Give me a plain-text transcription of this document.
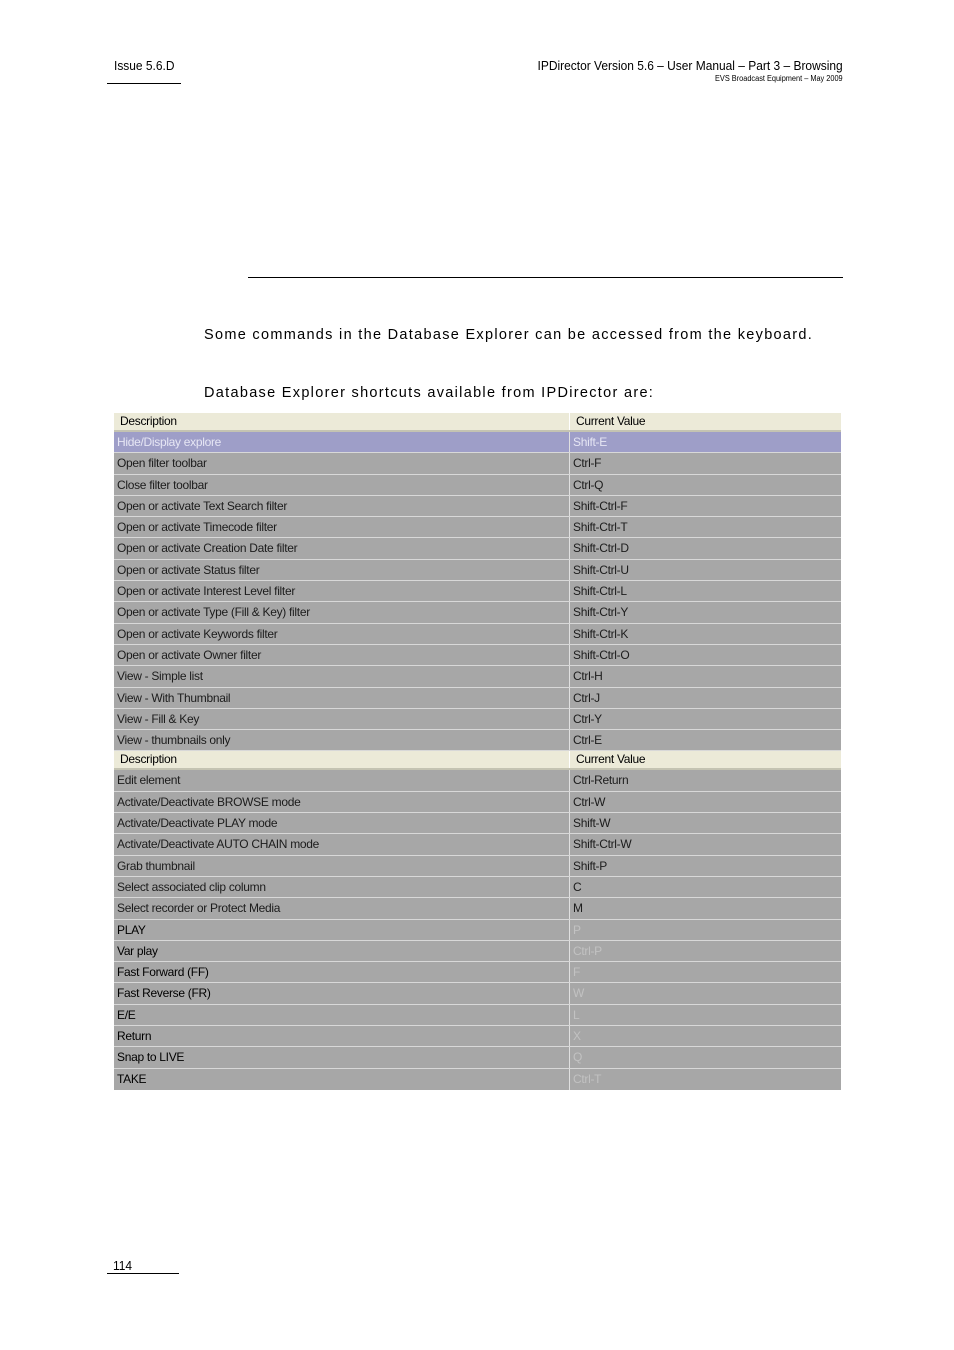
Issue 5.6.D	IPDirector Version 5.6 – User Manual – Part 3 – Browsing
EVS Broadcast Equipment – May 2009
Some commands in the Database Explorer can be accessed from the keyboard.
Database Explorer shortcuts available from IPDirector are:
Description	Current Value
Hide/Display explore	Shift-E
Open filter toolbar	Ctrl-F
Close filter toolbar	Ctrl-Q
Open or activate Text Search filter	Shift-Ctrl-F
Open or activate Timecode filter	Shift-Ctrl-T
Open or activate Creation Date filter	Shift-Ctrl-D
Open or activate Status filter	Shift-Ctrl-U
Open or activate Interest Level filter	Shift-Ctrl-L
Open or activate Type (Fill & Key) filter	Shift-Ctrl-Y
Open or activate Keywords filter	Shift-Ctrl-K
Open or activate Owner filter	Shift-Ctrl-O
View - Simple list	Ctrl-H
View - With Thumbnail	Ctrl-J
View - Fill & Key	Ctrl-Y
View - thumbnails only	Ctrl-E
Description	Current Value
Edit element	Ctrl-Return
Activate/Deactivate BROWSE mode	Ctrl-W
Activate/Deactivate PLAY mode	Shift-W
Activate/Deactivate AUTO CHAIN mode	Shift-Ctrl-W
Grab thumbnail	Shift-P
Select associated clip column	C
Select recorder or Protect Media	M
PLAY	P
Var play	Ctrl-P
Fast Forward (FF)	F
Fast Reverse (FR)	W
E/E	L
Return	X
Snap to LIVE	Q
TAKE	Ctrl-T
114
